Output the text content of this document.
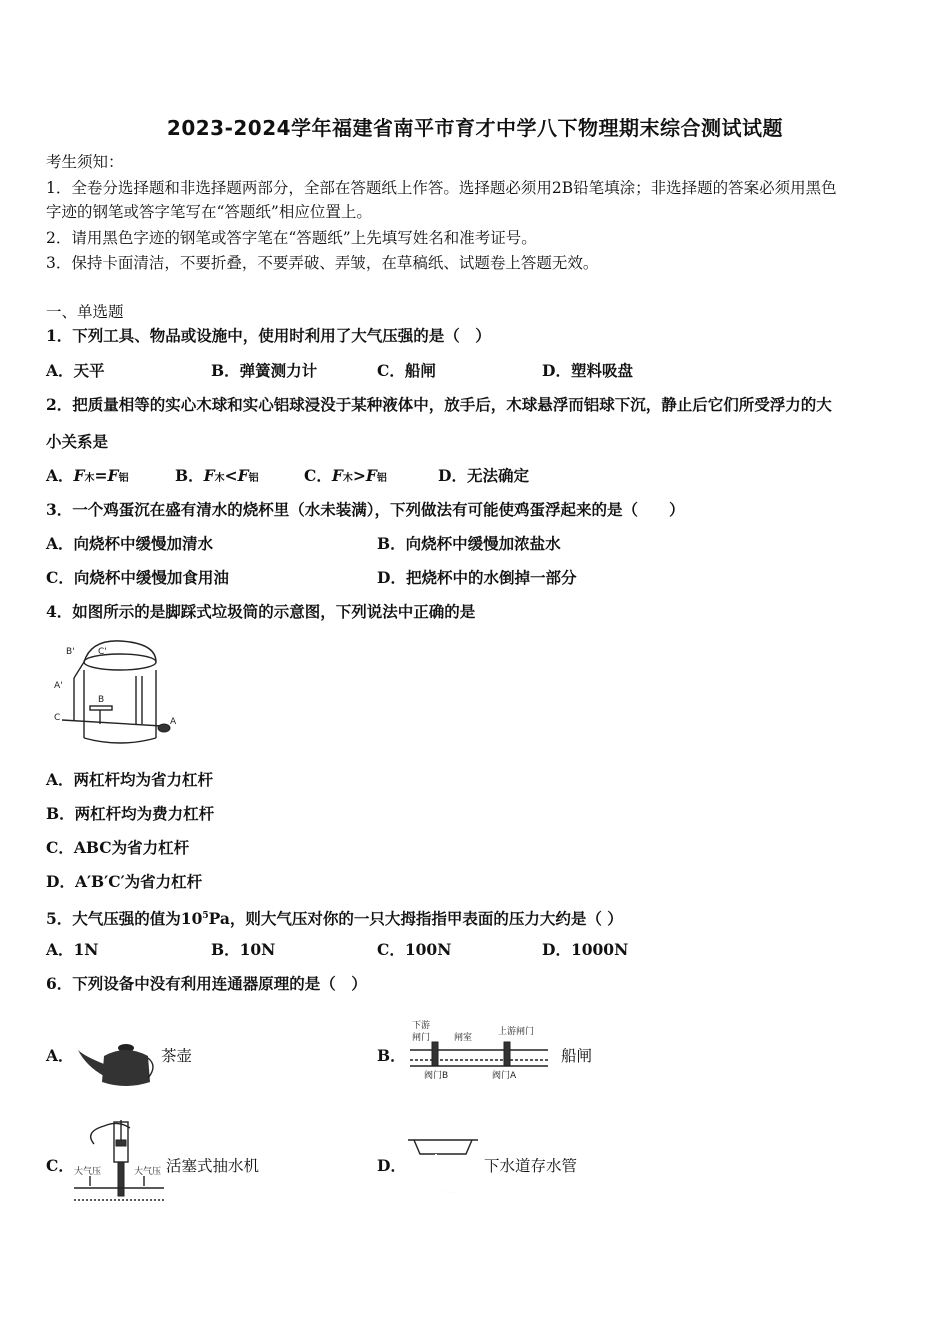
2023-2024学年福建省南平市育才中学八下物理期末综合测试试题
考生须知：
1．全卷分选择题和非选择题两部分，全部在答题纸上作答。选择题必须用2B铅笔填涂；非选择题的答案必须用黑色
字迹的钢笔或答字笔写在“答题纸”相应位置上。
2．请用黑色字迹的钢笔或答字笔在“答题纸”上先填写姓名和准考证号。
3．保持卡面清洁，不要折叠，不要弄破、弄皱，在草稿纸、试题卷上答题无效。
一、单选题
1．下列工具、物品或设施中，使用时利用了大气压强的是（　）
A．天平	B．弹簧测力计	C．船闸	D．塑料吸盘
2．把质量相等的实心木球和实心铝球浸没于某种液体中，放手后，木球悬浮而铝球下沉，静止后它们所受浮力的大
小关系是
A．F木=F铝	B．F木<F铝	C．F木>F铝	D．无法确定
3．一个鸡蛋沉在盛有清水的烧杯里（水未装满），下列做法有可能使鸡蛋浮起来的是（　　）
A．向烧杯中缓慢加清水	B．向烧杯中缓慢加浓盐水
C．向烧杯中缓慢加食用油	D．把烧杯中的水倒掉一部分
4．如图所示的是脚踩式垃圾筒的示意图，下列说法中正确的是
B'	C'
A'
B
C	A
A．两杠杆均为省力杠杆
B．两杠杆均为费力杠杆
C．ABC为省力杠杆
D．A′B′C′为省力杠杆
5．大气压强的值为$10^5Pa$，则大气压对你的一只大拇指指甲表面的压力大约是（ ）
A．1N	B．10N	C．100N	D．1000N
6．下列设备中没有利用连通器原理的是（　）
A．	茶壶	B．
下游
闸门	闸室
上游闸门
阀门B	阀门A
船闸
C． 大气压	大气压 活塞式抽水机	D．	下水道存水管
